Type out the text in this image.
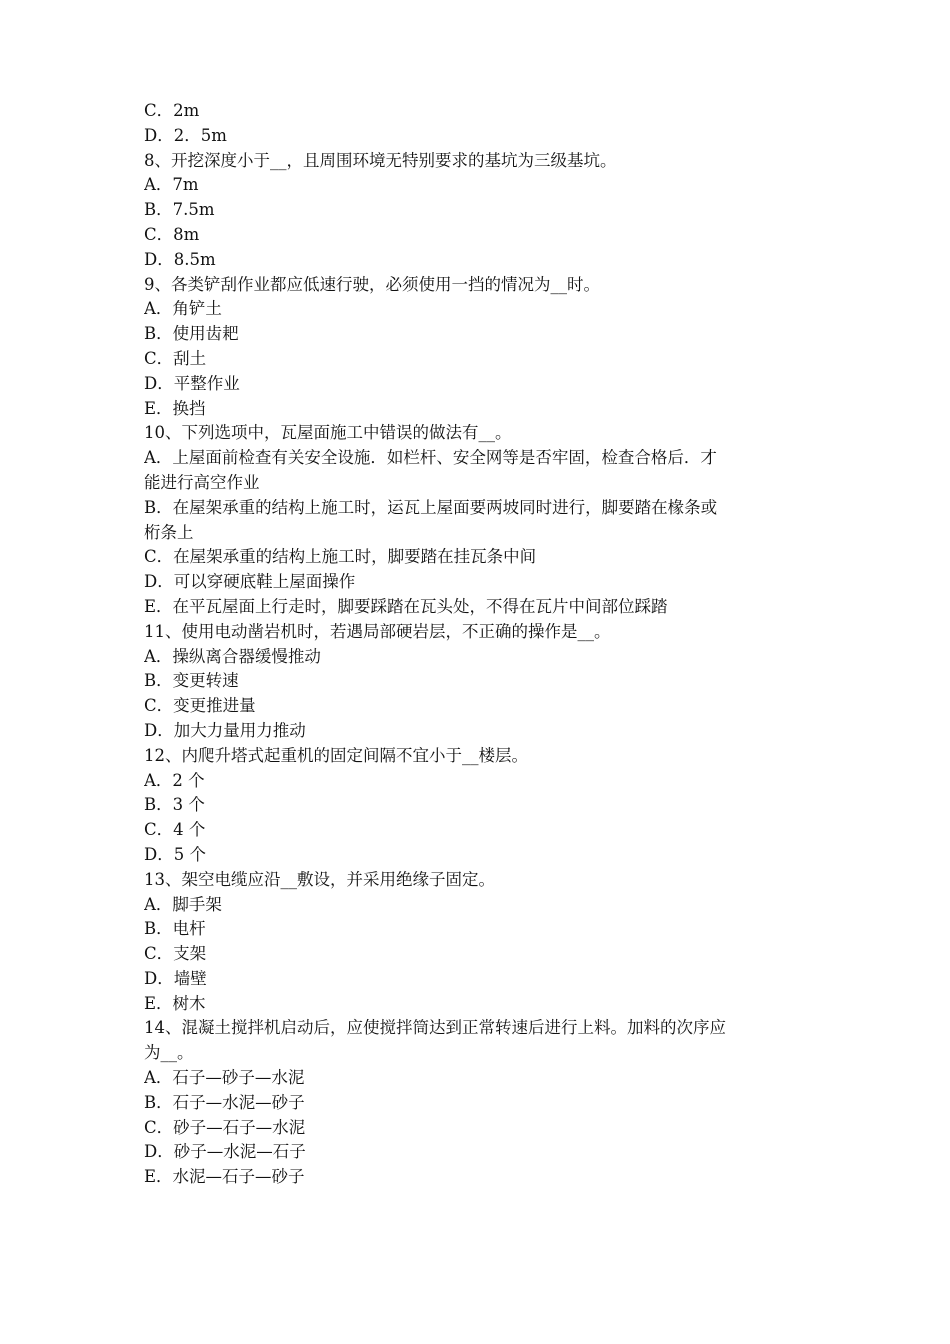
C．2m
D．2．5m
8、开挖深度小于__，且周围环境无特别要求的基坑为三级基坑。
A．7m
B．7.5m
C．8m
D．8.5m
9、各类铲刮作业都应低速行驶，必须使用一挡的情况为__时。
A．角铲土
B．使用齿耙
C．刮土
D．平整作业
E．换挡
10、下列选项中，瓦屋面施工中错误的做法有__。
A．上屋面前检查有关安全设施．如栏杆、安全网等是否牢固，检查合格后．才
能进行高空作业
B．在屋架承重的结构上施工时，运瓦上屋面要两坡同时进行，脚要踏在椽条或
桁条上
C．在屋架承重的结构上施工时，脚要踏在挂瓦条中间
D．可以穿硬底鞋上屋面操作
E．在平瓦屋面上行走时，脚要踩踏在瓦头处，不得在瓦片中间部位踩踏
11、使用电动凿岩机时，若遇局部硬岩层，不正确的操作是__。
A．操纵离合器缓慢推动
B．变更转速
C．变更推进量
D．加大力量用力推动
12、内爬升塔式起重机的固定间隔不宜小于__楼层。
A．2 个
B．3 个
C．4 个
D．5 个
13、架空电缆应沿__敷设，并采用绝缘子固定。
A．脚手架
B．电杆
C．支架
D．墙壁
E．树木
14、混凝土搅拌机启动后，应使搅拌筒达到正常转速后进行上料。加料的次序应
为__。
A．石子—砂子—水泥
B．石子—水泥—砂子
C．砂子—石子—水泥
D．砂子—水泥—石子
E．水泥—石子—砂子
